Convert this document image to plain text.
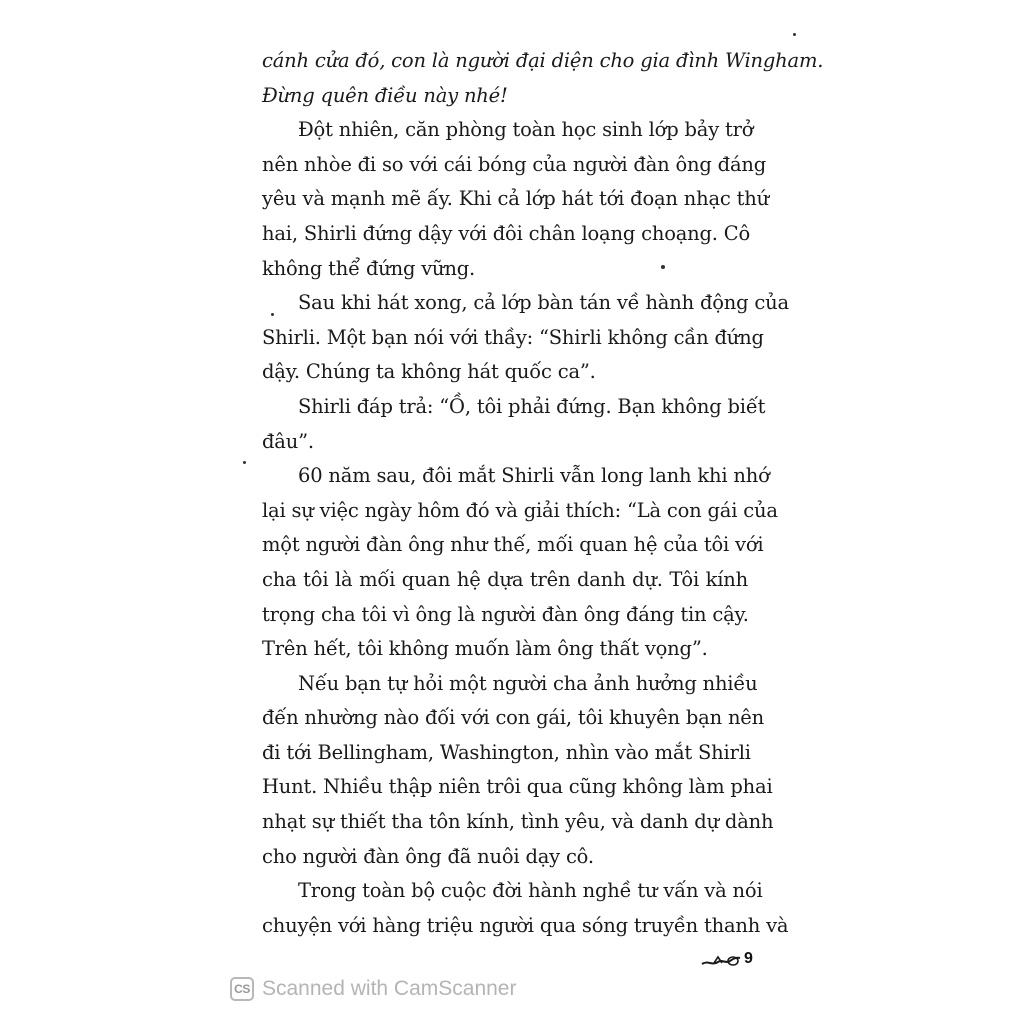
cánh cửa đó, con là người đại diện cho gia đình Wingham.
Đừng quên điều này nhé!
Đột nhiên, căn phòng toàn học sinh lớp bảy trở
nên nhòe đi so với cái bóng của người đàn ông đáng
yêu và mạnh mẽ ấy. Khi cả lớp hát tới đoạn nhạc thứ
hai, Shirli đứng dậy với đôi chân loạng choạng. Cô
không thể đứng vững.
Sau khi hát xong, cả lớp bàn tán về hành động của
Shirli. Một bạn nói với thầy: “Shirli không cần đứng
dậy. Chúng ta không hát quốc ca”.
Shirli đáp trả: “Ồ, tôi phải đứng. Bạn không biết
đâu”.
60 năm sau, đôi mắt Shirli vẫn long lanh khi nhớ
lại sự việc ngày hôm đó và giải thích: “Là con gái của
một người đàn ông như thế, mối quan hệ của tôi với
cha tôi là mối quan hệ dựa trên danh dự. Tôi kính
trọng cha tôi vì ông là người đàn ông đáng tin cậy.
Trên hết, tôi không muốn làm ông thất vọng”.
Nếu bạn tự hỏi một người cha ảnh hưởng nhiều
đến nhường nào đối với con gái, tôi khuyên bạn nên
đi tới Bellingham, Washington, nhìn vào mắt Shirli
Hunt. Nhiều thập niên trôi qua cũng không làm phai
nhạt sự thiết tha tôn kính, tình yêu, và danh dự dành
cho người đàn ông đã nuôi dạy cô.
Trong toàn bộ cuộc đời hành nghề tư vấn và nói
chuyện với hàng triệu người qua sóng truyền thanh và
9
CS Scanned with CamScanner
